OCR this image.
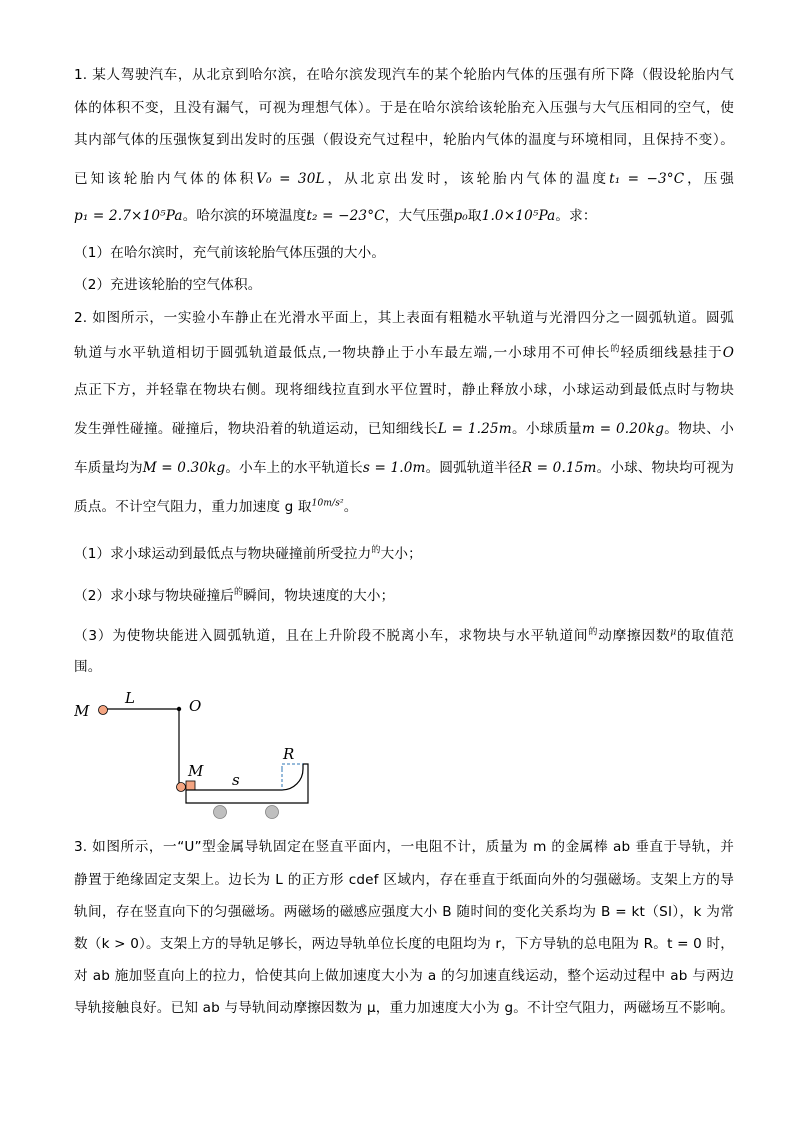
1. 某人驾驶汽车，从北京到哈尔滨，在哈尔滨发现汽车的某个轮胎内气体的压强有所下降（假设轮胎内气
体的体积不变，且没有漏气，可视为理想气体）。于是在哈尔滨给该轮胎充入压强与大气压相同的空气，使
其内部气体的压强恢复到出发时的压强（假设充气过程中，轮胎内气体的温度与环境相同，且保持不变）。
已知该轮胎内气体的体积V₀ = 30L，从北京出发时，该轮胎内气体的温度t₁ = −3°C，压强
p₁ = 2.7×10⁵Pa。哈尔滨的环境温度t₂ = −23°C，大气压强p₀取1.0×10⁵Pa。求：
（1）在哈尔滨时，充气前该轮胎气体压强的大小。
（2）充进该轮胎的空气体积。
2. 如图所示，一实验小车静止在光滑水平面上，其上表面有粗糙水平轨道与光滑四分之一圆弧轨道。圆弧
轨道与水平轨道相切于圆弧轨道最低点,一物块静止于小车最左端,一小球用不可伸长$^的$轻质细线悬挂于O
点正下方，并轻靠在物块右侧。现将细线拉直到水平位置时，静止释放小球，小球运动到最低点时与物块
发生弹性碰撞。碰撞后，物块沿着的轨道运动，已知细线长L = 1.25m。小球质量m = 0.20kg。物块、小
车质量均为M = 0.30kg。小车上的水平轨道长s = 1.0m。圆弧轨道半径R = 0.15m。小球、物块均可视为
质点。不计空气阻力，重力加速度 g 取$^{10m/s^2}$。
（1）求小球运动到最低点与物块碰撞前所受拉力$^的$大小；
（2）求小球与物块碰撞后$^的$瞬间，物块速度的大小；
（3）为使物块能进入圆弧轨道，且在上升阶段不脱离小车，求物块与水平轨道间$^的$动摩擦因数$^\mu$的取值范
围。
M
L	O
M s
R
3. 如图所示，一“U”型金属导轨固定在竖直平面内，一电阻不计，质量为 m 的金属棒 ab 垂直于导轨，并
静置于绝缘固定支架上。边长为 L 的正方形 cdef 区域内，存在垂直于纸面向外的匀强磁场。支架上方的导
轨间，存在竖直向下的匀强磁场。两磁场的磁感应强度大小 B 随时间的变化关系均为 B = kt（SI），k 为常
数（k > 0）。支架上方的导轨足够长，两边导轨单位长度的电阻均为 r，下方导轨的总电阻为 R。t = 0 时，
对 ab 施加竖直向上的拉力，恰使其向上做加速度大小为 a 的匀加速直线运动，整个运动过程中 ab 与两边
导轨接触良好。已知 ab 与导轨间动摩擦因数为 μ，重力加速度大小为 g。不计空气阻力，两磁场互不影响。
